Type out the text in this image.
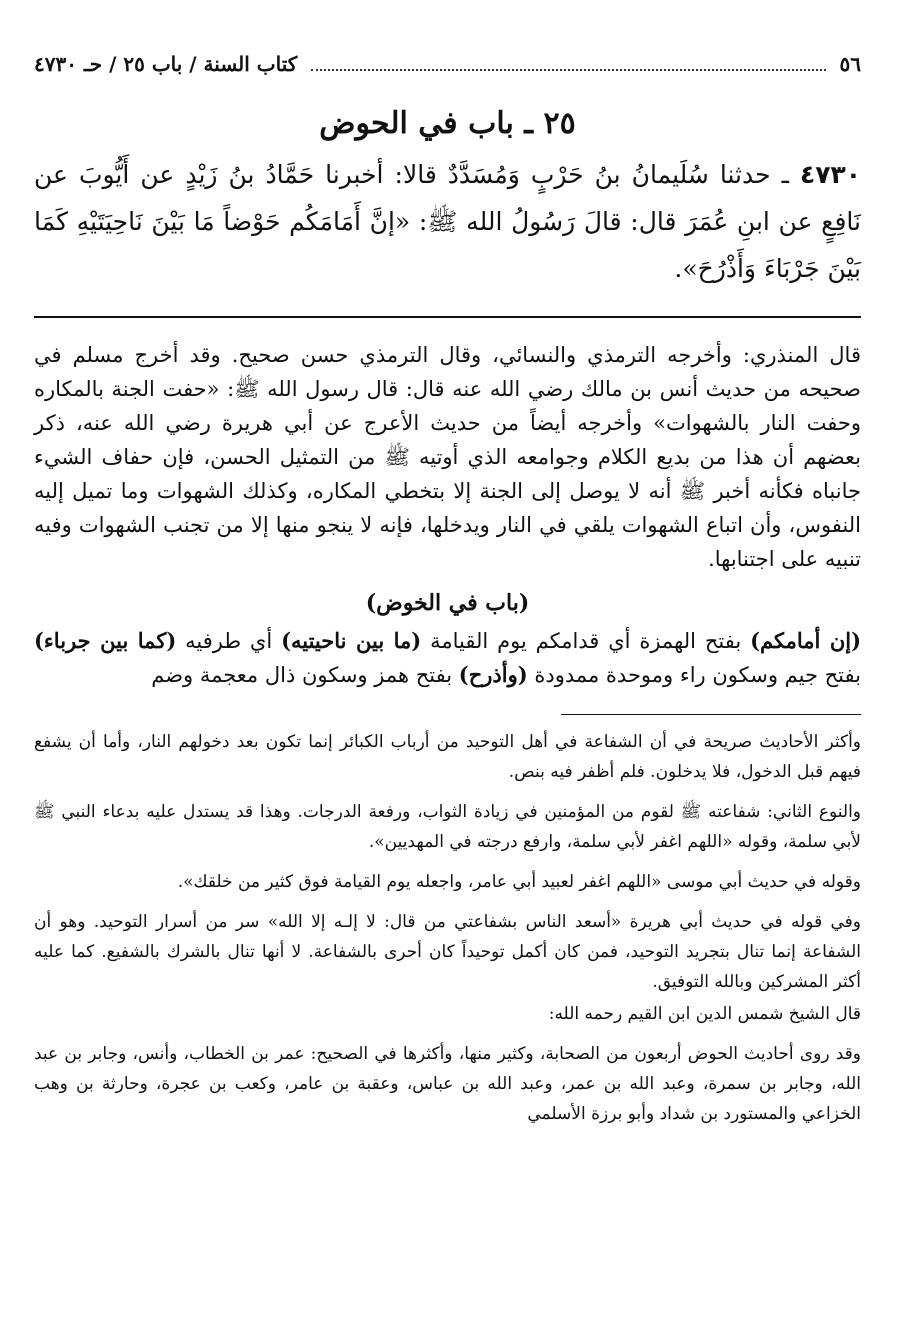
٥٦
كتاب السنة / باب ٢٥ / حـ ٤٧٣٠
٢٥ ـ باب في الحوض
٤٧٣٠ ـ حدثنا سُلَيمانُ بنُ حَرْبٍ وَمُسَدَّدٌ قالا: أخبرنا حَمَّادُ بنُ زَيْدٍ عن أَيُّوبَ عن نَافِعٍ عن ابنِ عُمَرَ قال: قالَ رَسُولُ الله ﷺ: «إنَّ أَمَامَكُم حَوْضاً مَا بَيْنَ نَاحِيَتَيْهِ كَمَا بَيْنَ جَرْبَاءَ وَأَذْرُحَ».
قال المنذري: وأخرجه الترمذي والنسائي، وقال الترمذي حسن صحيح. وقد أخرج مسلم في صحيحه من حديث أنس بن مالك رضي الله عنه قال: قال رسول الله ﷺ: «حفت الجنة بالمكاره وحفت النار بالشهوات» وأخرجه أيضاً من حديث الأعرج عن أبي هريرة رضي الله عنه، ذكر بعضهم أن هذا من بديع الكلام وجوامعه الذي أوتيه ﷺ من التمثيل الحسن، فإن حفاف الشيء جانباه فكأنه أخبر ﷺ أنه لا يوصل إلى الجنة إلا بتخطي المكاره، وكذلك الشهوات وما تميل إليه النفوس، وأن اتباع الشهوات يلقي في النار ويدخلها، فإنه لا ينجو منها إلا من تجنب الشهوات وفيه تنبيه على اجتنابها.
(باب في الخوض)
(إن أمامكم) بفتح الهمزة أي قدامكم يوم القيامة (ما بين ناحيتيه) أي طرفيه (كما بين جرباء) بفتح جيم وسكون راء وموحدة ممدودة (وأذرح) بفتح همز وسكون ذال معجمة وضم

وأكثر الأحاديث صريحة في أن الشفاعة في أهل التوحيد من أرباب الكبائر إنما تكون بعد دخولهم النار، وأما أن يشفع فيهم قبل الدخول، فلا يدخلون. فلم أظفر فيه بنص.

والنوع الثاني: شفاعته ﷺ لقوم من المؤمنين في زيادة الثواب، ورفعة الدرجات. وهذا قد يستدل عليه بدعاء النبي ﷺ لأبي سلمة، وقوله «اللهم اغفر لأبي سلمة، وارفع درجته في المهديين».

وقوله في حديث أبي موسى «اللهم اغفر لعبيد أبي عامر، واجعله يوم القيامة فوق كثير من خلقك».

وفي قوله في حديث أبي هريرة «أسعد الناس بشفاعتي من قال: لا إلـه إلا الله» سر من أسرار التوحيد. وهو أن الشفاعة إنما تنال بتجريد التوحيد، فمن كان أكمل توحيداً كان أحرى بالشفاعة. لا أنها تنال بالشرك بالشفيع. كما عليه أكثر المشركين وبالله التوفيق.

قال الشيخ شمس الدين ابن القيم رحمه الله:

وقد روى أحاديث الحوض أربعون من الصحابة، وكثير منها، وأكثرها في الصحيح: عمر بن الخطاب، وأنس، وجابر بن عبد الله، وجابر بن سمرة، وعبد الله بن عمر، وعبد الله بن عباس، وعقبة بن عامر، وكعب بن عجرة، وحارثة بن وهب الخزاعي والمستورد بن شداد وأبو برزة الأسلمي
